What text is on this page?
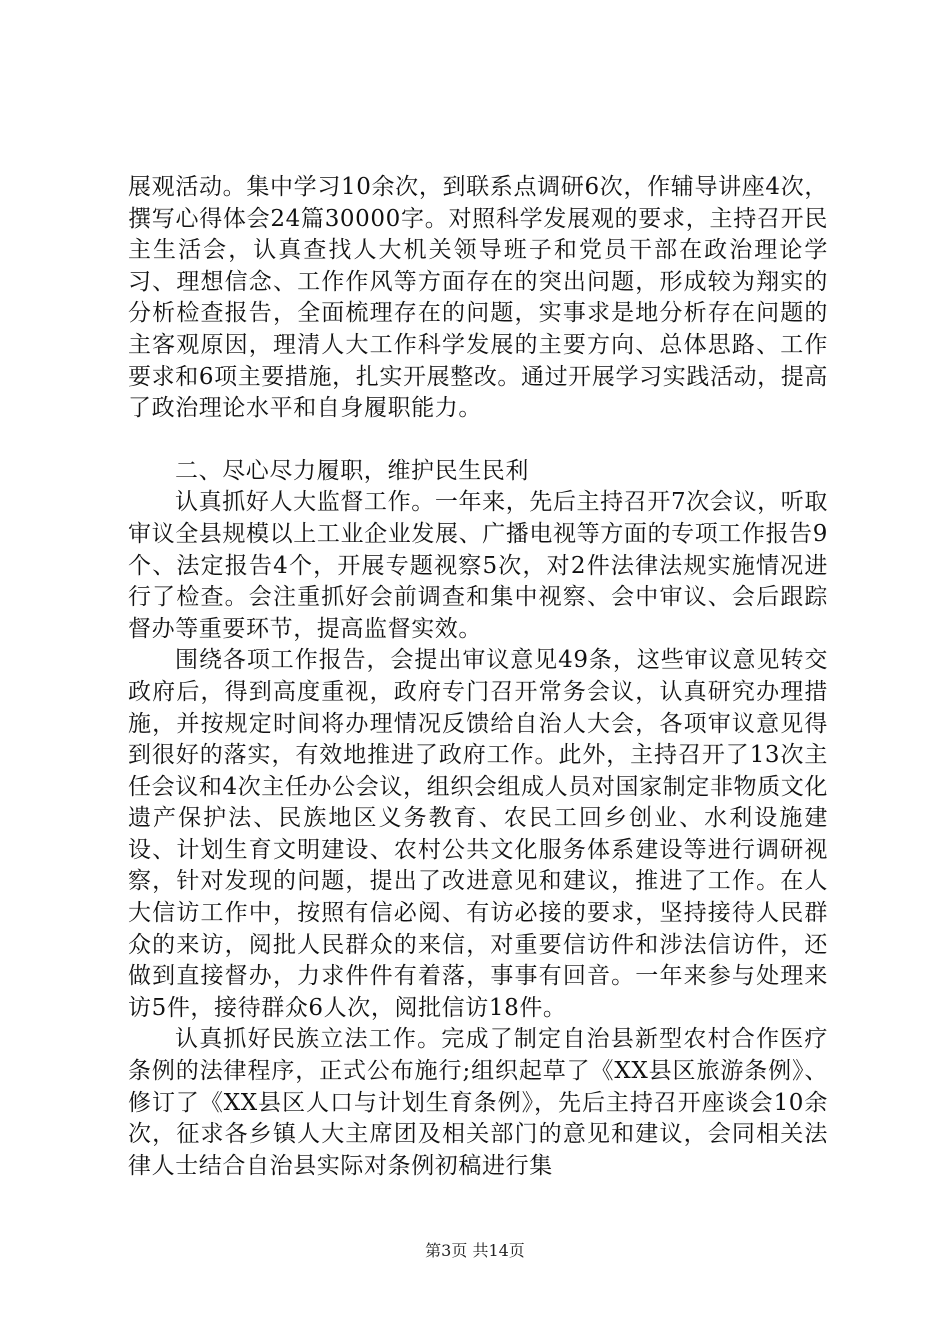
展观活动。集中学习10余次，到联系点调研6次，作辅导讲座4次，撰写心得体会24篇30000字。对照科学发展观的要求，主持召开民主生活会，认真查找人大机关领导班子和党员干部在政治理论学习、理想信念、工作作风等方面存在的突出问题，形成较为翔实的分析检查报告，全面梳理存在的问题，实事求是地分析存在问题的主客观原因，理清人大工作科学发展的主要方向、总体思路、工作要求和6项主要措施，扎实开展整改。通过开展学习实践活动，提高了政治理论水平和自身履职能力。

二、尽心尽力履职，维护民生民利

认真抓好人大监督工作。一年来，先后主持召开7次会议，听取审议全县规模以上工业企业发展、广播电视等方面的专项工作报告9个、法定报告4个，开展专题视察5次，对2件法律法规实施情况进行了检查。会注重抓好会前调查和集中视察、会中审议、会后跟踪督办等重要环节，提高监督实效。

围绕各项工作报告，会提出审议意见49条，这些审议意见转交政府后，得到高度重视，政府专门召开常务会议，认真研究办理措施，并按规定时间将办理情况反馈给自治人大会，各项审议意见得到很好的落实，有效地推进了政府工作。此外，主持召开了13次主任会议和4次主任办公会议，组织会组成人员对国家制定非物质文化遗产保护法、民族地区义务教育、农民工回乡创业、水利设施建设、计划生育文明建设、农村公共文化服务体系建设等进行调研视察，针对发现的问题，提出了改进意见和建议，推进了工作。在人大信访工作中，按照有信必阅、有访必接的要求，坚持接待人民群众的来访，阅批人民群众的来信，对重要信访件和涉法信访件，还做到直接督办，力求件件有着落，事事有回音。一年来参与处理来访5件，接待群众6人次，阅批信访18件。

认真抓好民族立法工作。完成了制定自治县新型农村合作医疗条例的法律程序，正式公布施行;组织起草了《XX县区旅游条例》、修订了《XX县区人口与计划生育条例》，先后主持召开座谈会10余次，征求各乡镇人大主席团及相关部门的意见和建议，会同相关法律人士结合自治县实际对条例初稿进行集

第3页 共14页
